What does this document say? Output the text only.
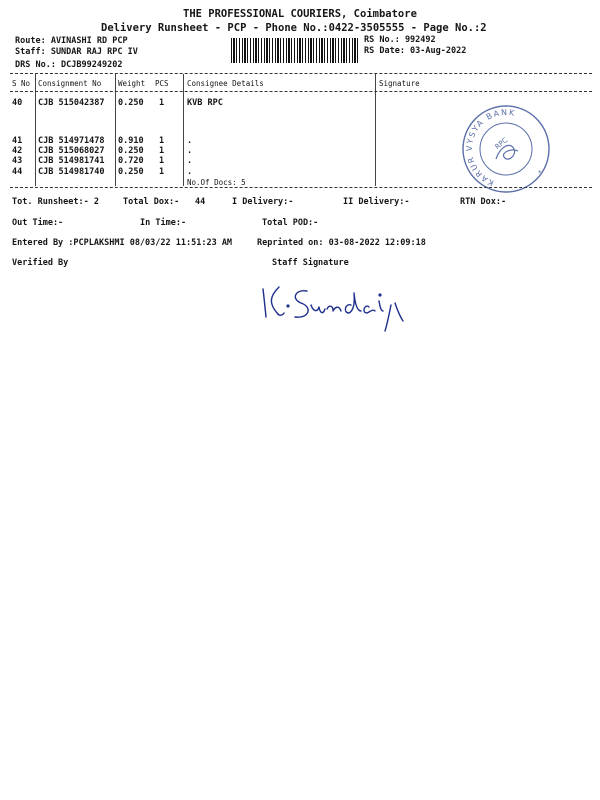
THE PROFESSIONAL COURIERS, Coimbatore
Delivery Runsheet - PCP - Phone No.:0422-3505555 - Page No.:2
Route: AVINASHI RD PCP
Staff: SUNDAR RAJ RPC IV
DRS No.: DCJB99249202
RS No.: 992492
RS Date: 03-Aug-2022
S No Consignment No Weight PCS Consignee Details	Signature
40 CJB 515042387 0.250 1	KVB RPC
41 CJB 514971478 0.910 1	.
42 CJB 515068027 0.250 1	.
43 CJB 514981741 0.720 1	.
44 CJB 514981740 0.250 1	.
No.Of Docs: 5	KARUR VYSYA BANK
RPC
*
Tot. Runsheet:- 2	Total Dox:- 44	I Delivery:-	II Delivery:-	RTN Dox:-
Out Time:-	In Time:-	Total POD:-
Entered By :PCPLAKSHMI 08/03/22 11:51:23 AM	Reprinted on: 03-08-2022 12:09:18
Verified By	Staff Signature
